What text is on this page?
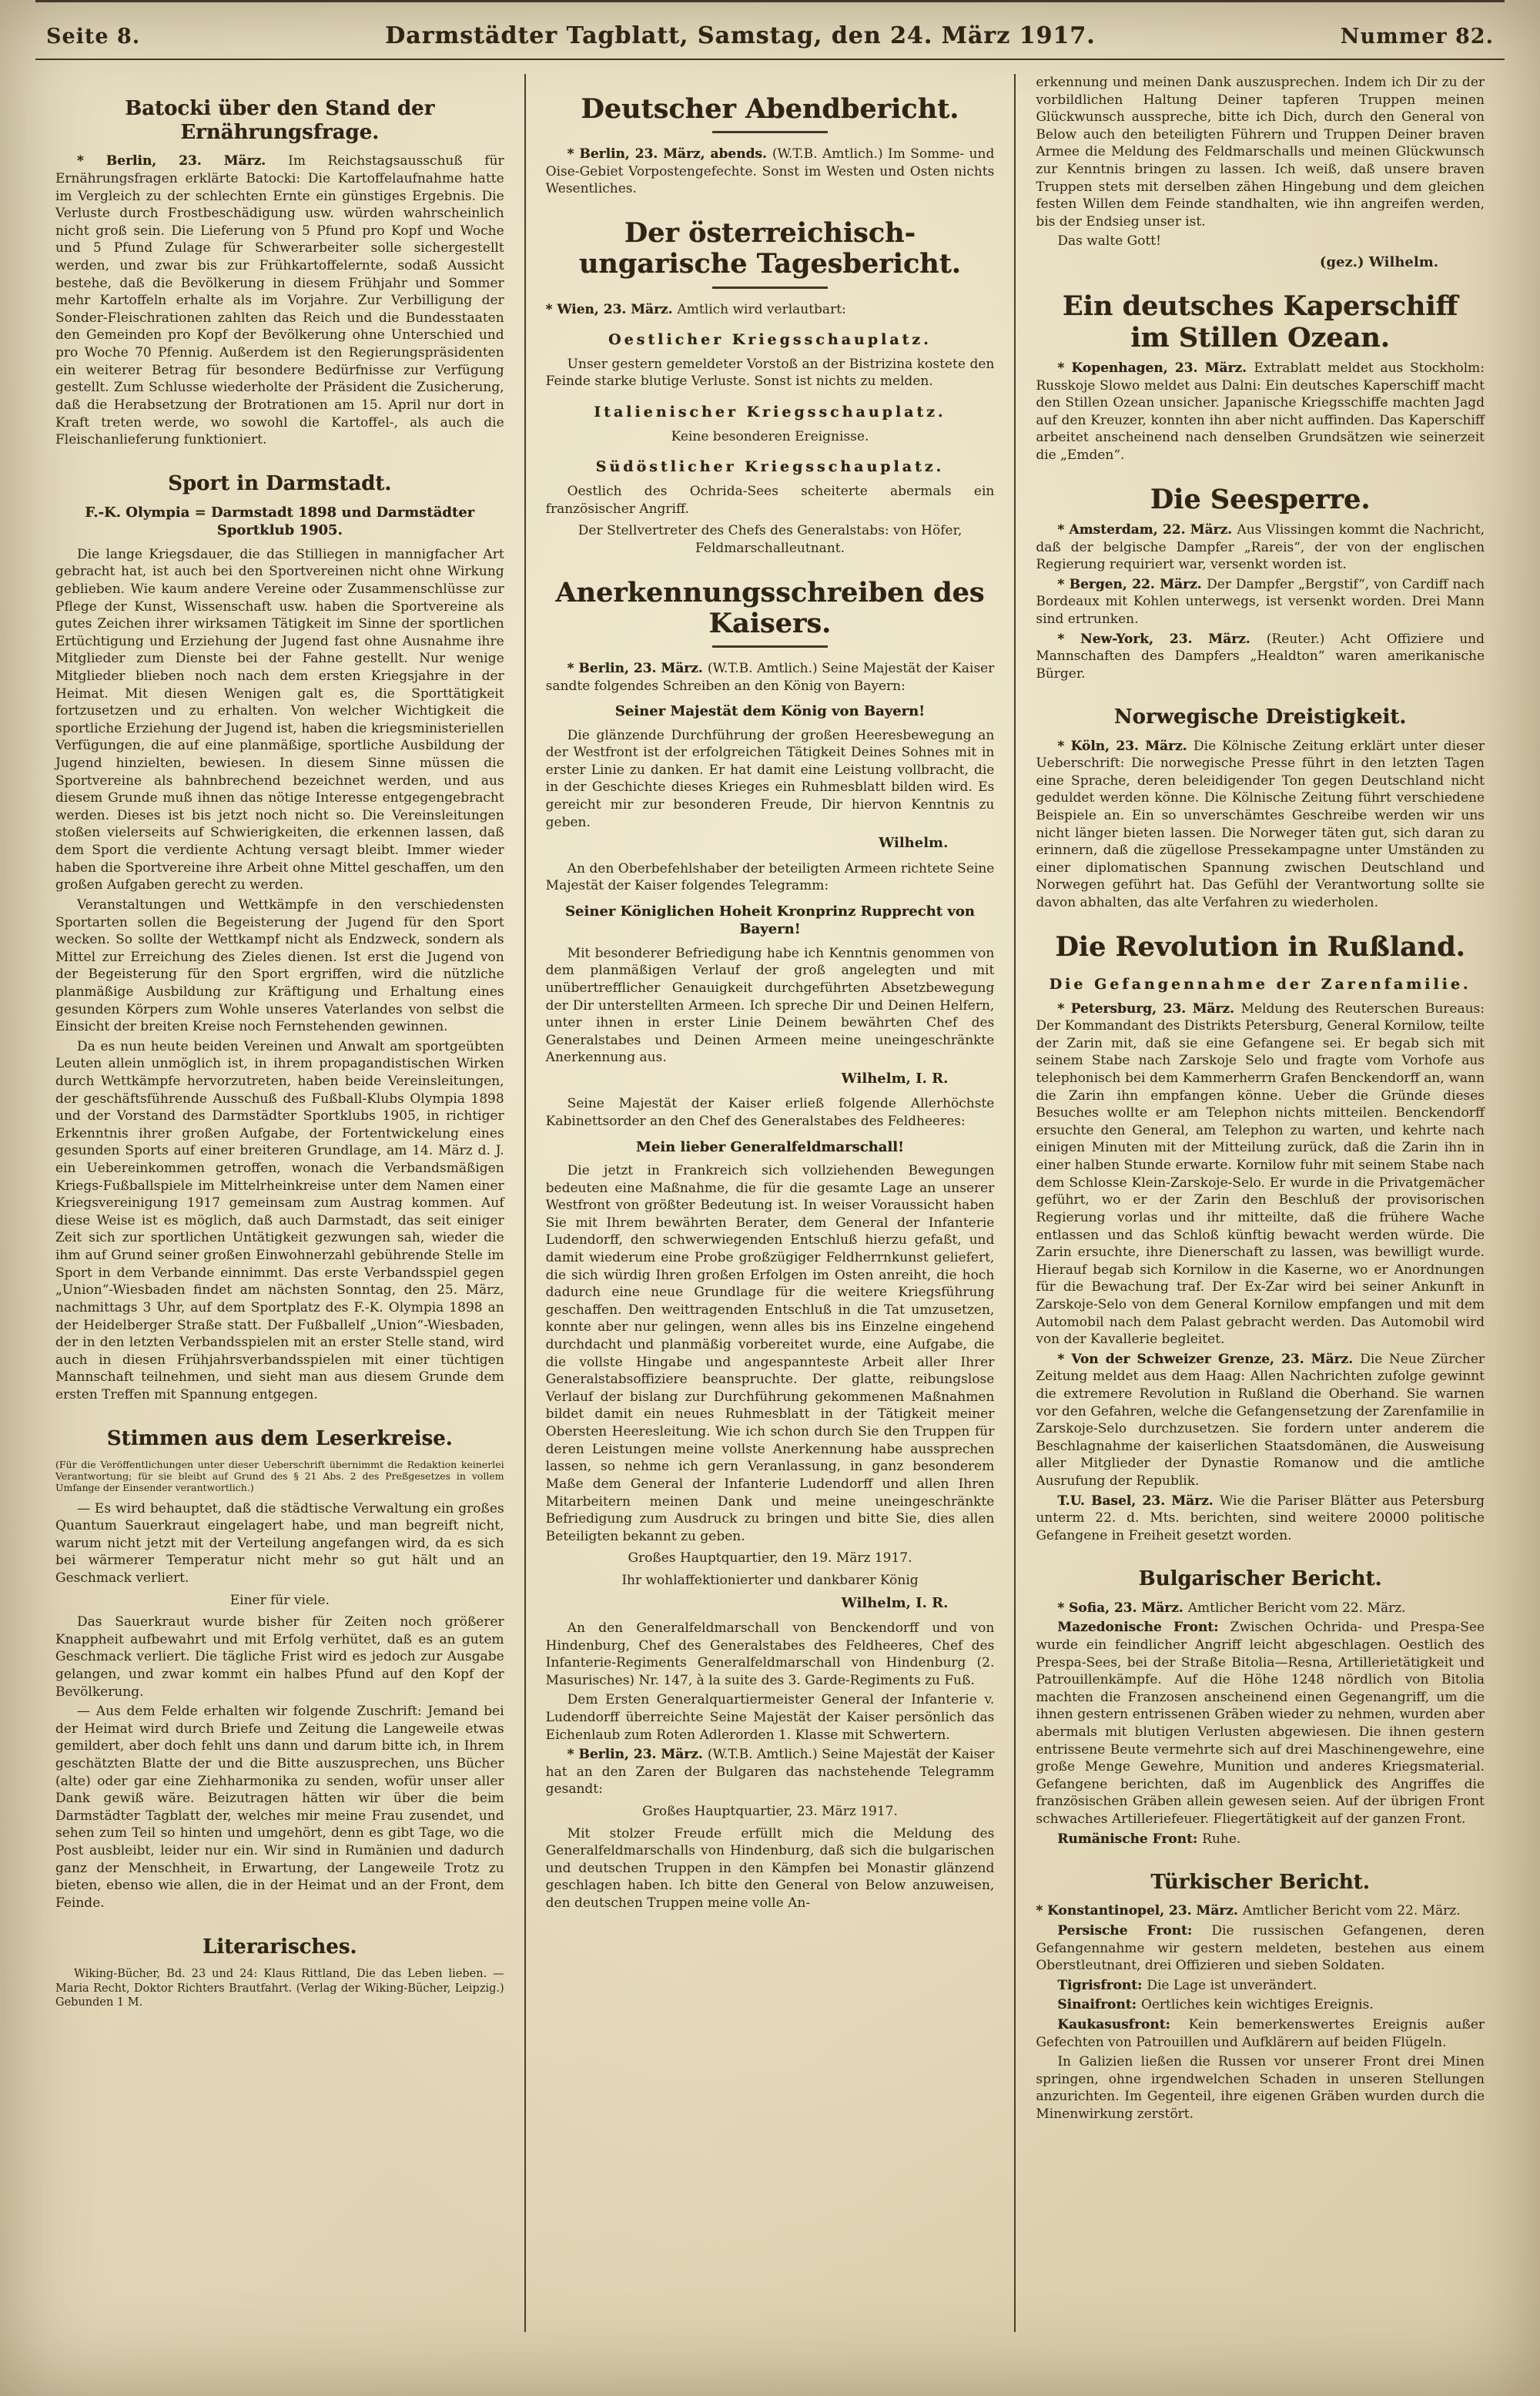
Seite 8.	Darmstädter Tagblatt, Samstag, den 24. März 1917.	Nummer 82.
Batocki über den Stand der Ernährungsfrage.

* Berlin, 23. März. Im Reichstagsausschuß für Ernährungsfragen erklärte Batocki: Die Kartoffelaufnahme hatte im Vergleich zu der schlechten Ernte ein günstiges Ergebnis. Die Verluste durch Frostbeschädigung usw. würden wahrscheinlich nicht groß sein. Die Lieferung von 5 Pfund pro Kopf und Woche und 5 Pfund Zulage für Schwerarbeiter solle sichergestellt werden, und zwar bis zur Frühkartoffelernte, sodaß Aussicht bestehe, daß die Bevölkerung in diesem Frühjahr und Sommer mehr Kartoffeln erhalte als im Vorjahre. Zur Verbilligung der Sonder-Fleischrationen zahlten das Reich und die Bundesstaaten den Gemeinden pro Kopf der Bevölkerung ohne Unterschied und pro Woche 70 Pfennig. Außerdem ist den Regierungspräsidenten ein weiterer Betrag für besondere Bedürfnisse zur Verfügung gestellt. Zum Schlusse wiederholte der Präsident die Zusicherung, daß die Herabsetzung der Brotrationen am 15. April nur dort in Kraft treten werde, wo sowohl die Kartoffel-, als auch die Fleischanlieferung funktioniert.

Sport in Darmstadt.

F.-K. Olympia = Darmstadt 1898 und Darmstädter Sportklub 1905.

Die lange Kriegsdauer, die das Stilliegen in mannigfacher Art gebracht hat, ist auch bei den Sportvereinen nicht ohne Wirkung geblieben. Wie kaum andere Vereine oder Zusammenschlüsse zur Pflege der Kunst, Wissenschaft usw. haben die Sportvereine als gutes Zeichen ihrer wirksamen Tätigkeit im Sinne der sportlichen Ertüchtigung und Erziehung der Jugend fast ohne Ausnahme ihre Mitglieder zum Dienste bei der Fahne gestellt. Nur wenige Mitglieder blieben noch nach dem ersten Kriegsjahre in der Heimat. Mit diesen Wenigen galt es, die Sporttätigkeit fortzusetzen und zu erhalten. Von welcher Wichtigkeit die sportliche Erziehung der Jugend ist, haben die kriegsministeriellen Verfügungen, die auf eine planmäßige, sportliche Ausbildung der Jugend hinzielten, bewiesen. In diesem Sinne müssen die Sportvereine als bahnbrechend bezeichnet werden, und aus diesem Grunde muß ihnen das nötige Interesse entgegengebracht werden. Dieses ist bis jetzt noch nicht so. Die Vereinsleitungen stoßen vielerseits auf Schwierigkeiten, die erkennen lassen, daß dem Sport die verdiente Achtung versagt bleibt. Immer wieder haben die Sportvereine ihre Arbeit ohne Mittel geschaffen, um den großen Aufgaben gerecht zu werden.

Veranstaltungen und Wettkämpfe in den verschiedensten Sportarten sollen die Begeisterung der Jugend für den Sport wecken. So sollte der Wettkampf nicht als Endzweck, sondern als Mittel zur Erreichung des Zieles dienen. Ist erst die Jugend von der Begeisterung für den Sport ergriffen, wird die nützliche planmäßige Ausbildung zur Kräftigung und Erhaltung eines gesunden Körpers zum Wohle unseres Vaterlandes von selbst die Einsicht der breiten Kreise noch Fernstehenden gewinnen.

Da es nun heute beiden Vereinen und Anwalt am sportgeübten Leuten allein unmöglich ist, in ihrem propagandistischen Wirken durch Wettkämpfe hervorzutreten, haben beide Vereinsleitungen, der geschäftsführende Ausschuß des Fußball-Klubs Olympia 1898 und der Vorstand des Darmstädter Sportklubs 1905, in richtiger Erkenntnis ihrer großen Aufgabe, der Fortentwickelung eines gesunden Sports auf einer breiteren Grundlage, am 14. März d. J. ein Uebereinkommen getroffen, wonach die Verbandsmäßigen Kriegs-Fußballspiele im Mittelrheinkreise unter dem Namen einer Kriegsvereinigung 1917 gemeinsam zum Austrag kommen. Auf diese Weise ist es möglich, daß auch Darmstadt, das seit einiger Zeit sich zur sportlichen Untätigkeit gezwungen sah, wieder die ihm auf Grund seiner großen Einwohnerzahl gebührende Stelle im Sport in dem Verbande einnimmt. Das erste Verbandsspiel gegen „Union“-Wiesbaden findet am nächsten Sonntag, den 25. März, nachmittags 3 Uhr, auf dem Sportplatz des F.-K. Olympia 1898 an der Heidelberger Straße statt. Der Fußballelf „Union“-Wiesbaden, der in den letzten Verbandsspielen mit an erster Stelle stand, wird auch in diesen Frühjahrsverbandsspielen mit einer tüchtigen Mannschaft teilnehmen, und sieht man aus diesem Grunde dem ersten Treffen mit Spannung entgegen.

Stimmen aus dem Leserkreise.

(Für die Veröffentlichungen unter dieser Ueberschrift übernimmt die Redaktion keinerlei Verantwortung; für sie bleibt auf Grund des § 21 Abs. 2 des Preßgesetzes in vollem Umfange der Einsender verantwortlich.)

— Es wird behauptet, daß die städtische Verwaltung ein großes Quantum Sauerkraut eingelagert habe, und man begreift nicht, warum nicht jetzt mit der Verteilung angefangen wird, da es sich bei wärmerer Temperatur nicht mehr so gut hält und an Geschmack verliert.

Einer für viele.

Das Sauerkraut wurde bisher für Zeiten noch größerer Knappheit aufbewahrt und mit Erfolg verhütet, daß es an gutem Geschmack verliert. Die tägliche Frist wird es jedoch zur Ausgabe gelangen, und zwar kommt ein halbes Pfund auf den Kopf der Bevölkerung.

— Aus dem Felde erhalten wir folgende Zuschrift: Jemand bei der Heimat wird durch Briefe und Zeitung die Langeweile etwas gemildert, aber doch fehlt uns dann und darum bitte ich, in Ihrem geschätzten Blatte der und die Bitte auszusprechen, uns Bücher (alte) oder gar eine Ziehharmonika zu senden, wofür unser aller Dank gewiß wäre. Beizutragen hätten wir über die beim Darmstädter Tagblatt der, welches mir meine Frau zusendet, und sehen zum Teil so hinten und umgehört, denn es gibt Tage, wo die Post ausbleibt, leider nur ein. Wir sind in Rumänien und dadurch ganz der Menschheit, in Erwartung, der Langeweile Trotz zu bieten, ebenso wie allen, die in der Heimat und an der Front, dem Feinde.

Literarisches.

Wiking-Bücher, Bd. 23 und 24: Klaus Rittland, Die das Leben lieben. — Maria Recht, Doktor Richters Brautfahrt. (Verlag der Wiking-Bücher, Leipzig.) Gebunden 1 M.

Deutscher Abendbericht.

* Berlin, 23. März, abends. (W.T.B. Amtlich.) Im Somme- und Oise-Gebiet Vorpostengefechte. Sonst im Westen und Osten nichts Wesentliches.

Der österreichisch-ungarische Tagesbericht.

* Wien, 23. März. Amtlich wird verlautbart:

Oestlicher Kriegsschauplatz.

Unser gestern gemeldeter Vorstoß an der Bistrizina kostete den Feinde starke blutige Verluste. Sonst ist nichts zu melden.

Italienischer Kriegsschauplatz.

Keine besonderen Ereignisse.

Südöstlicher Kriegsschauplatz.

Oestlich des Ochrida-Sees scheiterte abermals ein französischer Angriff.

Der Stellvertreter des Chefs des Generalstabs: von Höfer, Feldmarschalleutnant.

Anerkennungsschreiben des Kaisers.

* Berlin, 23. März. (W.T.B. Amtlich.) Seine Majestät der Kaiser sandte folgendes Schreiben an den König von Bayern:

Seiner Majestät dem König von Bayern!

Die glänzende Durchführung der großen Heeresbewegung an der Westfront ist der erfolgreichen Tätigkeit Deines Sohnes mit in erster Linie zu danken. Er hat damit eine Leistung vollbracht, die in der Geschichte dieses Krieges ein Ruhmesblatt bilden wird. Es gereicht mir zur besonderen Freude, Dir hiervon Kenntnis zu geben.

Wilhelm.

An den Oberbefehlshaber der beteiligten Armeen richtete Seine Majestät der Kaiser folgendes Telegramm:

Seiner Königlichen Hoheit Kronprinz Rupprecht von Bayern!

Mit besonderer Befriedigung habe ich Kenntnis genommen von dem planmäßigen Verlauf der groß angelegten und mit unübertrefflicher Genauigkeit durchgeführten Absetzbewegung der Dir unterstellten Armeen. Ich spreche Dir und Deinen Helfern, unter ihnen in erster Linie Deinem bewährten Chef des Generalstabes und Deinen Armeen meine uneingeschränkte Anerkennung aus.

Wilhelm, I. R.

Seine Majestät der Kaiser erließ folgende Allerhöchste Kabinettsorder an den Chef des Generalstabes des Feldheeres:

Mein lieber Generalfeldmarschall!

Die jetzt in Frankreich sich vollziehenden Bewegungen bedeuten eine Maßnahme, die für die gesamte Lage an unserer Westfront von größter Bedeutung ist. In weiser Voraussicht haben Sie mit Ihrem bewährten Berater, dem General der Infanterie Ludendorff, den schwerwiegenden Entschluß hierzu gefaßt, und damit wiederum eine Probe großzügiger Feldherrnkunst geliefert, die sich würdig Ihren großen Erfolgen im Osten anreiht, die hoch dadurch eine neue Grundlage für die weitere Kriegsführung geschaffen. Den weittragenden Entschluß in die Tat umzusetzen, konnte aber nur gelingen, wenn alles bis ins Einzelne eingehend durchdacht und planmäßig vorbereitet wurde, eine Aufgabe, die die vollste Hingabe und angespannteste Arbeit aller Ihrer Generalstabsoffiziere beanspruchte. Der glatte, reibungslose Verlauf der bislang zur Durchführung gekommenen Maßnahmen bildet damit ein neues Ruhmesblatt in der Tätigkeit meiner Obersten Heeresleitung. Wie ich schon durch Sie den Truppen für deren Leistungen meine vollste Anerkennung habe aussprechen lassen, so nehme ich gern Veranlassung, in ganz besonderem Maße dem General der Infanterie Ludendorff und allen Ihren Mitarbeitern meinen Dank und meine uneingeschränkte Befriedigung zum Ausdruck zu bringen und bitte Sie, dies allen Beteiligten bekannt zu geben.

Großes Hauptquartier, den 19. März 1917.

Ihr wohlaffektionierter und dankbarer König

Wilhelm, I. R.

An den Generalfeldmarschall von Benckendorff und von Hindenburg, Chef des Generalstabes des Feldheeres, Chef des Infanterie-Regiments Generalfeldmarschall von Hindenburg (2. Masurisches) Nr. 147, à la suite des 3. Garde-Regiments zu Fuß.

Dem Ersten Generalquartiermeister General der Infanterie v. Ludendorff überreichte Seine Majestät der Kaiser persönlich das Eichenlaub zum Roten Adlerorden 1. Klasse mit Schwertern.

* Berlin, 23. März. (W.T.B. Amtlich.) Seine Majestät der Kaiser hat an den Zaren der Bulgaren das nachstehende Telegramm gesandt:

Großes Hauptquartier, 23. März 1917.

Mit stolzer Freude erfüllt mich die Meldung des Generalfeldmarschalls von Hindenburg, daß sich die bulgarischen und deutschen Truppen in den Kämpfen bei Monastir glänzend geschlagen haben. Ich bitte den General von Below anzuweisen, den deutschen Truppen meine volle An-

erkennung und meinen Dank auszusprechen. Indem ich Dir zu der vorbildlichen Haltung Deiner tapferen Truppen meinen Glückwunsch ausspreche, bitte ich Dich, durch den General von Below auch den beteiligten Führern und Truppen Deiner braven Armee die Meldung des Feldmarschalls und meinen Glückwunsch zur Kenntnis bringen zu lassen. Ich weiß, daß unsere braven Truppen stets mit derselben zähen Hingebung und dem gleichen festen Willen dem Feinde standhalten, wie ihn angreifen werden, bis der Endsieg unser ist.

Das walte Gott!

(gez.) Wilhelm.

Ein deutsches Kaperschiff im Stillen Ozean.

* Kopenhagen, 23. März. Extrablatt meldet aus Stockholm: Russkoje Slowo meldet aus Dalni: Ein deutsches Kaperschiff macht den Stillen Ozean unsicher. Japanische Kriegsschiffe machten Jagd auf den Kreuzer, konnten ihn aber nicht auffinden. Das Kaperschiff arbeitet anscheinend nach denselben Grundsätzen wie seinerzeit die „Emden“.

Die Seesperre.

* Amsterdam, 22. März. Aus Vlissingen kommt die Nachricht, daß der belgische Dampfer „Rareis“, der von der englischen Regierung requiriert war, versenkt worden ist.

* Bergen, 22. März. Der Dampfer „Bergstif“, von Cardiff nach Bordeaux mit Kohlen unterwegs, ist versenkt worden. Drei Mann sind ertrunken.

* New-York, 23. März. (Reuter.) Acht Offiziere und Mannschaften des Dampfers „Healdton“ waren amerikanische Bürger.

Norwegische Dreistigkeit.

* Köln, 23. März. Die Kölnische Zeitung erklärt unter dieser Ueberschrift: Die norwegische Presse führt in den letzten Tagen eine Sprache, deren beleidigender Ton gegen Deutschland nicht geduldet werden könne. Die Kölnische Zeitung führt verschiedene Beispiele an. Ein so unverschämtes Geschreibe werden wir uns nicht länger bieten lassen. Die Norweger täten gut, sich daran zu erinnern, daß die zügellose Pressekampagne unter Umständen zu einer diplomatischen Spannung zwischen Deutschland und Norwegen geführt hat. Das Gefühl der Verantwortung sollte sie davon abhalten, das alte Verfahren zu wiederholen.

Die Revolution in Rußland.

Die Gefangennahme der Zarenfamilie.

* Petersburg, 23. März. Meldung des Reuterschen Bureaus: Der Kommandant des Distrikts Petersburg, General Kornilow, teilte der Zarin mit, daß sie eine Gefangene sei. Er begab sich mit seinem Stabe nach Zarskoje Selo und fragte vom Vorhofe aus telephonisch bei dem Kammerherrn Grafen Benckendorff an, wann die Zarin ihn empfangen könne. Ueber die Gründe dieses Besuches wollte er am Telephon nichts mitteilen. Benckendorff ersuchte den General, am Telephon zu warten, und kehrte nach einigen Minuten mit der Mitteilung zurück, daß die Zarin ihn in einer halben Stunde erwarte. Kornilow fuhr mit seinem Stabe nach dem Schlosse Klein-Zarskoje-Selo. Er wurde in die Privatgemächer geführt, wo er der Zarin den Beschluß der provisorischen Regierung vorlas und ihr mitteilte, daß die frühere Wache entlassen und das Schloß künftig bewacht werden würde. Die Zarin ersuchte, ihre Dienerschaft zu lassen, was bewilligt wurde. Hierauf begab sich Kornilow in die Kaserne, wo er Anordnungen für die Bewachung traf. Der Ex-Zar wird bei seiner Ankunft in Zarskoje-Selo von dem General Kornilow empfangen und mit dem Automobil nach dem Palast gebracht werden. Das Automobil wird von der Kavallerie begleitet.

* Von der Schweizer Grenze, 23. März. Die Neue Zürcher Zeitung meldet aus dem Haag: Allen Nachrichten zufolge gewinnt die extremere Revolution in Rußland die Oberhand. Sie warnen vor den Gefahren, welche die Gefangensetzung der Zarenfamilie in Zarskoje-Selo durchzusetzen. Sie fordern unter anderem die Beschlagnahme der kaiserlichen Staatsdomänen, die Ausweisung aller Mitglieder der Dynastie Romanow und die amtliche Ausrufung der Republik.

T.U. Basel, 23. März. Wie die Pariser Blätter aus Petersburg unterm 22. d. Mts. berichten, sind weitere 20000 politische Gefangene in Freiheit gesetzt worden.

Bulgarischer Bericht.

* Sofia, 23. März. Amtlicher Bericht vom 22. März.

Mazedonische Front: Zwischen Ochrida- und Prespa-See wurde ein feindlicher Angriff leicht abgeschlagen. Oestlich des Prespa-Sees, bei der Straße Bitolia—Resna, Artillerietätigkeit und Patrouillenkämpfe. Auf die Höhe 1248 nördlich von Bitolia machten die Franzosen anscheinend einen Gegenangriff, um die ihnen gestern entrissenen Gräben wieder zu nehmen, wurden aber abermals mit blutigen Verlusten abgewiesen. Die ihnen gestern entrissene Beute vermehrte sich auf drei Maschinengewehre, eine große Menge Gewehre, Munition und anderes Kriegsmaterial. Gefangene berichten, daß im Augenblick des Angriffes die französischen Gräben allein gewesen seien. Auf der übrigen Front schwaches Artilleriefeuer. Fliegertätigkeit auf der ganzen Front.

Rumänische Front: Ruhe.

Türkischer Bericht.

* Konstantinopel, 23. März. Amtlicher Bericht vom 22. März.

Persische Front: Die russischen Gefangenen, deren Gefangennahme wir gestern meldeten, bestehen aus einem Oberstleutnant, drei Offizieren und sieben Soldaten.

Tigrisfront: Die Lage ist unverändert.

Sinaifront: Oertliches kein wichtiges Ereignis.

Kaukasusfront: Kein bemerkenswertes Ereignis außer Gefechten von Patrouillen und Aufklärern auf beiden Flügeln.

In Galizien ließen die Russen vor unserer Front drei Minen springen, ohne irgendwelchen Schaden in unseren Stellungen anzurichten. Im Gegenteil, ihre eigenen Gräben wurden durch die Minenwirkung zerstört.
